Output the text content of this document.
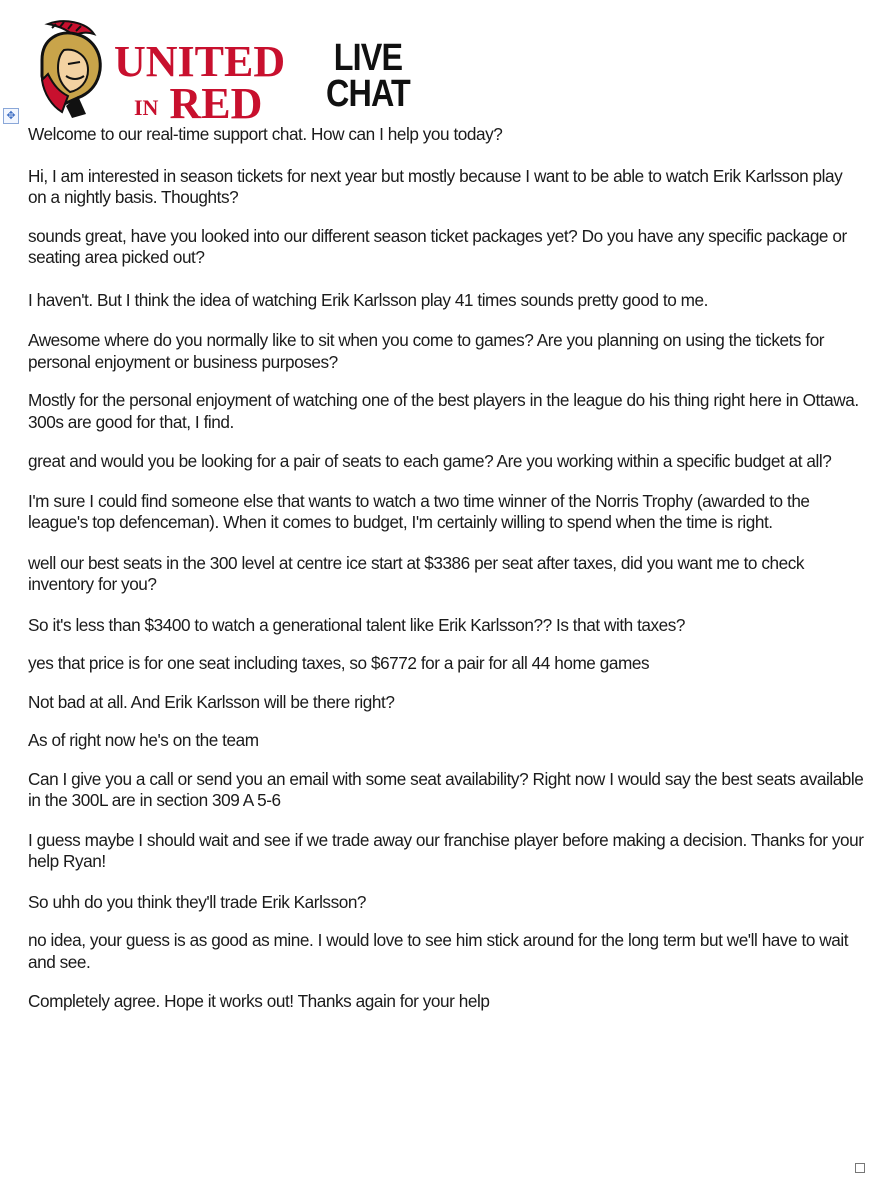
UNITED
IN RED
LIVE
CHAT
✥
Welcome to our real-time support chat. How can I help you today?
Hi, I am interested in season tickets for next year but mostly because I want to be able to watch Erik Karlsson play on a nightly basis. Thoughts?
sounds great, have you looked into our different season ticket packages yet? Do you have any specific package or seating area picked out?
I haven't. But I think the idea of watching Erik Karlsson play 41 times sounds pretty good to me.
Awesome where do you normally like to sit when you come to games? Are you planning on using the tickets for personal enjoyment or business purposes?
Mostly for the personal enjoyment of watching one of the best players in the league do his thing right here in Ottawa. 300s are good for that, I find.
great and would you be looking for a pair of seats to each game? Are you working within a specific budget at all?
I'm sure I could find someone else that wants to watch a two time winner of the Norris Trophy (awarded to the league's top defenceman). When it comes to budget, I'm certainly willing to spend when the time is right.
well our best seats in the 300 level at centre ice start at $3386 per seat after taxes, did you want me to check inventory for you?
So it's less than $3400 to watch a generational talent like Erik Karlsson?? Is that with taxes?
yes that price is for one seat including taxes, so $6772 for a pair for all 44 home games
Not bad at all. And Erik Karlsson will be there right?
As of right now he's on the team
Can I give you a call or send you an email with some seat availability? Right now I would say the best seats available in the 300L are in section 309 A 5-6
I guess maybe I should wait and see if we trade away our franchise player before making a decision. Thanks for your help Ryan!
So uhh do you think they'll trade Erik Karlsson?
no idea, your guess is as good as mine. I would love to see him stick around for the long term but we'll have to wait and see.
Completely agree. Hope it works out! Thanks again for your help
